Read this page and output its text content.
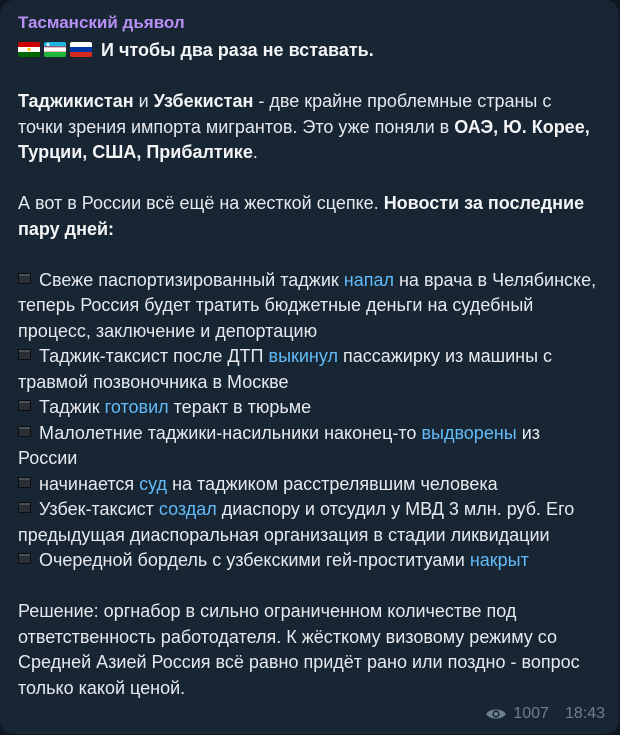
Тасманский дьявол

И чтобы два раза не вставать.

Таджикистан и Узбекистан - две крайне проблемные страны с точки зрения импорта мигрантов. Это уже поняли в ОАЭ, Ю. Корее, Турции, США, Прибалтике.

А вот в России всё ещё на жесткой сцепке. Новости за последние пару дней:

Свеже паспортизированный таджик напал на врача в Челябинске, теперь Россия будет тратить бюджетные деньги на судебный процесс, заключение и депортацию

Таджик-таксист после ДТП выкинул пассажирку из машины с травмой позвоночника в Москве

Таджик готовил теракт в тюрьме

Малолетние таджики-насильники наконец-то выдворены из России

начинается суд на таджиком расстрелявшим человека

Узбек-таксист создал диаспору и отсудил у МВД 3 млн. руб. Его предыдущая диаспоральная организация в стадии ликвидации

Очередной бордель с узбекскими гей-проституами накрыт

Решение: оргнабор в сильно ограниченном количестве под ответственность работодателя. К жёсткому визовому режиму со Средней Азией Россия всё равно придёт рано или поздно - вопрос только какой ценой.

1007 18:43
